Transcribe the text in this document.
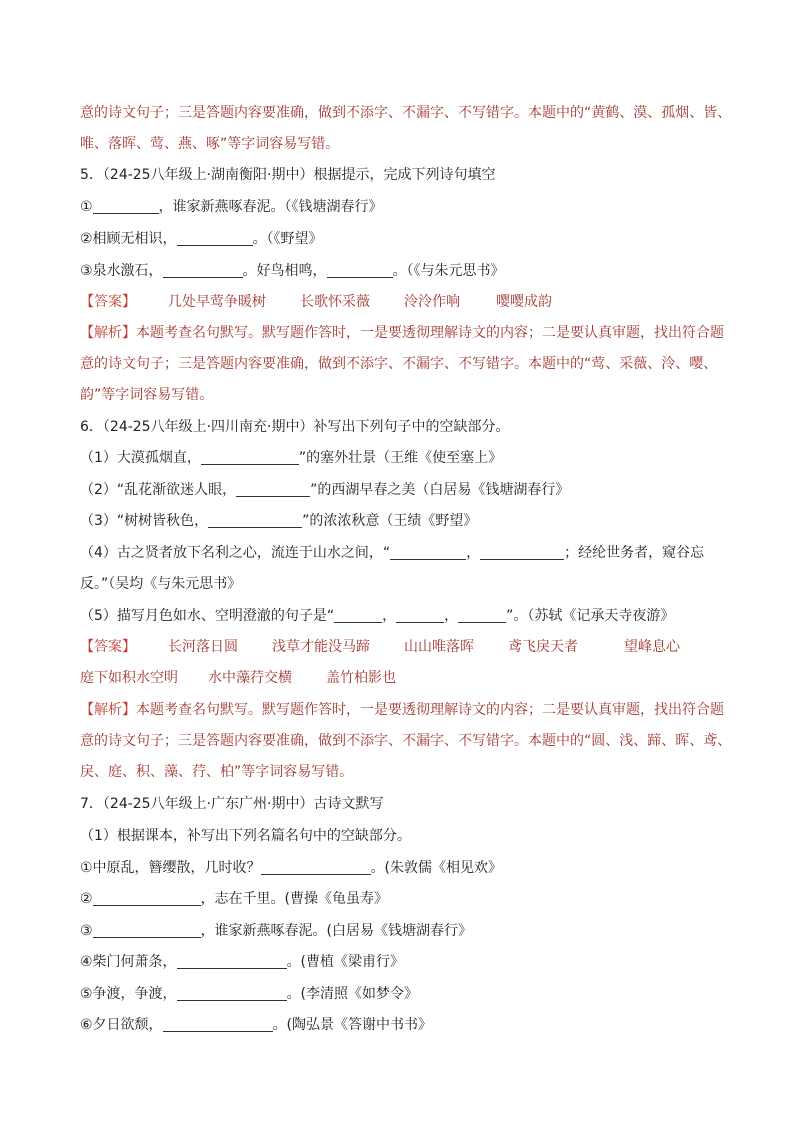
意的诗文句子；三是答题内容要准确，做到不添字、不漏字、不写错字。本题中的“黄鹤、漠、孤烟、皆、
唯、落晖、莺、燕、啄”等字词容易写错。
5．（24-25八年级上·湖南衡阳·期中）根据提示，完成下列诗句填空
①	，谁家新燕啄春泥。（《钱塘湖春行》
②相顾无相识，	。（《野望》
③泉水激石，	。好鸟相鸣，	。（《与朱元思书》
【答案】	几处早莺争暖树 长歌怀采薇 泠泠作响	嘤嘤成韵
【解析】本题考查名句默写。默写题作答时，一是要透彻理解诗文的内容；二是要认真审题，找出符合题
意的诗文句子；三是答题内容要准确，做到不添字、不漏字、不写错字。本题中的“莺、采薇、泠、嘤、
韵”等字词容易写错。
6．（24-25八年级上·四川南充·期中）补写出下列句子中的空缺部分。
（1）大漠孤烟直，	”的塞外壮景（王维《使至塞上》
（2）“乱花渐欲迷人眼，	”的西湖早春之美（白居易《钱塘湖春行》
（3）“树树皆秋色，	”的浓浓秋意（王绩《野望》
（4）古之贤者放下名利之心，流连于山水之间，“	，	；经纶世务者，窥谷忘
反。”（吴均《与朱元思书》
（5）描写月色如水、空明澄澈的句子是“	，	，	”。（苏轼《记承天寺夜游》
【答案】	长河落日圆 浅草才能没马蹄 山山唯落晖 鸢飞戾天者	望峰息心
庭下如积水空明 水中藻荇交横 盖竹柏影也
【解析】本题考查名句默写。默写题作答时，一是要透彻理解诗文的内容；二是要认真审题，找出符合题
意的诗文句子；三是答题内容要准确，做到不添字、不漏字、不写错字。本题中的“圆、浅、蹄、晖、鸢、
戾、庭、积、藻、荇、柏”等字词容易写错。
7．（24-25八年级上·广东广州·期中）古诗文默写
（1）根据课本，补写出下列名篇名句中的空缺部分。
①中原乱，簪缨散，几时收？	。(朱敦儒《相见欢》
②	，志在千里。(曹操《龟虽寿》
③	，谁家新燕啄春泥。(白居易《钱塘湖春行》
④柴门何萧条，	。(曹植《梁甫行》
⑤争渡，争渡，	。(李清照《如梦令》
⑥夕日欲颓，	。(陶弘景《答谢中书书》
